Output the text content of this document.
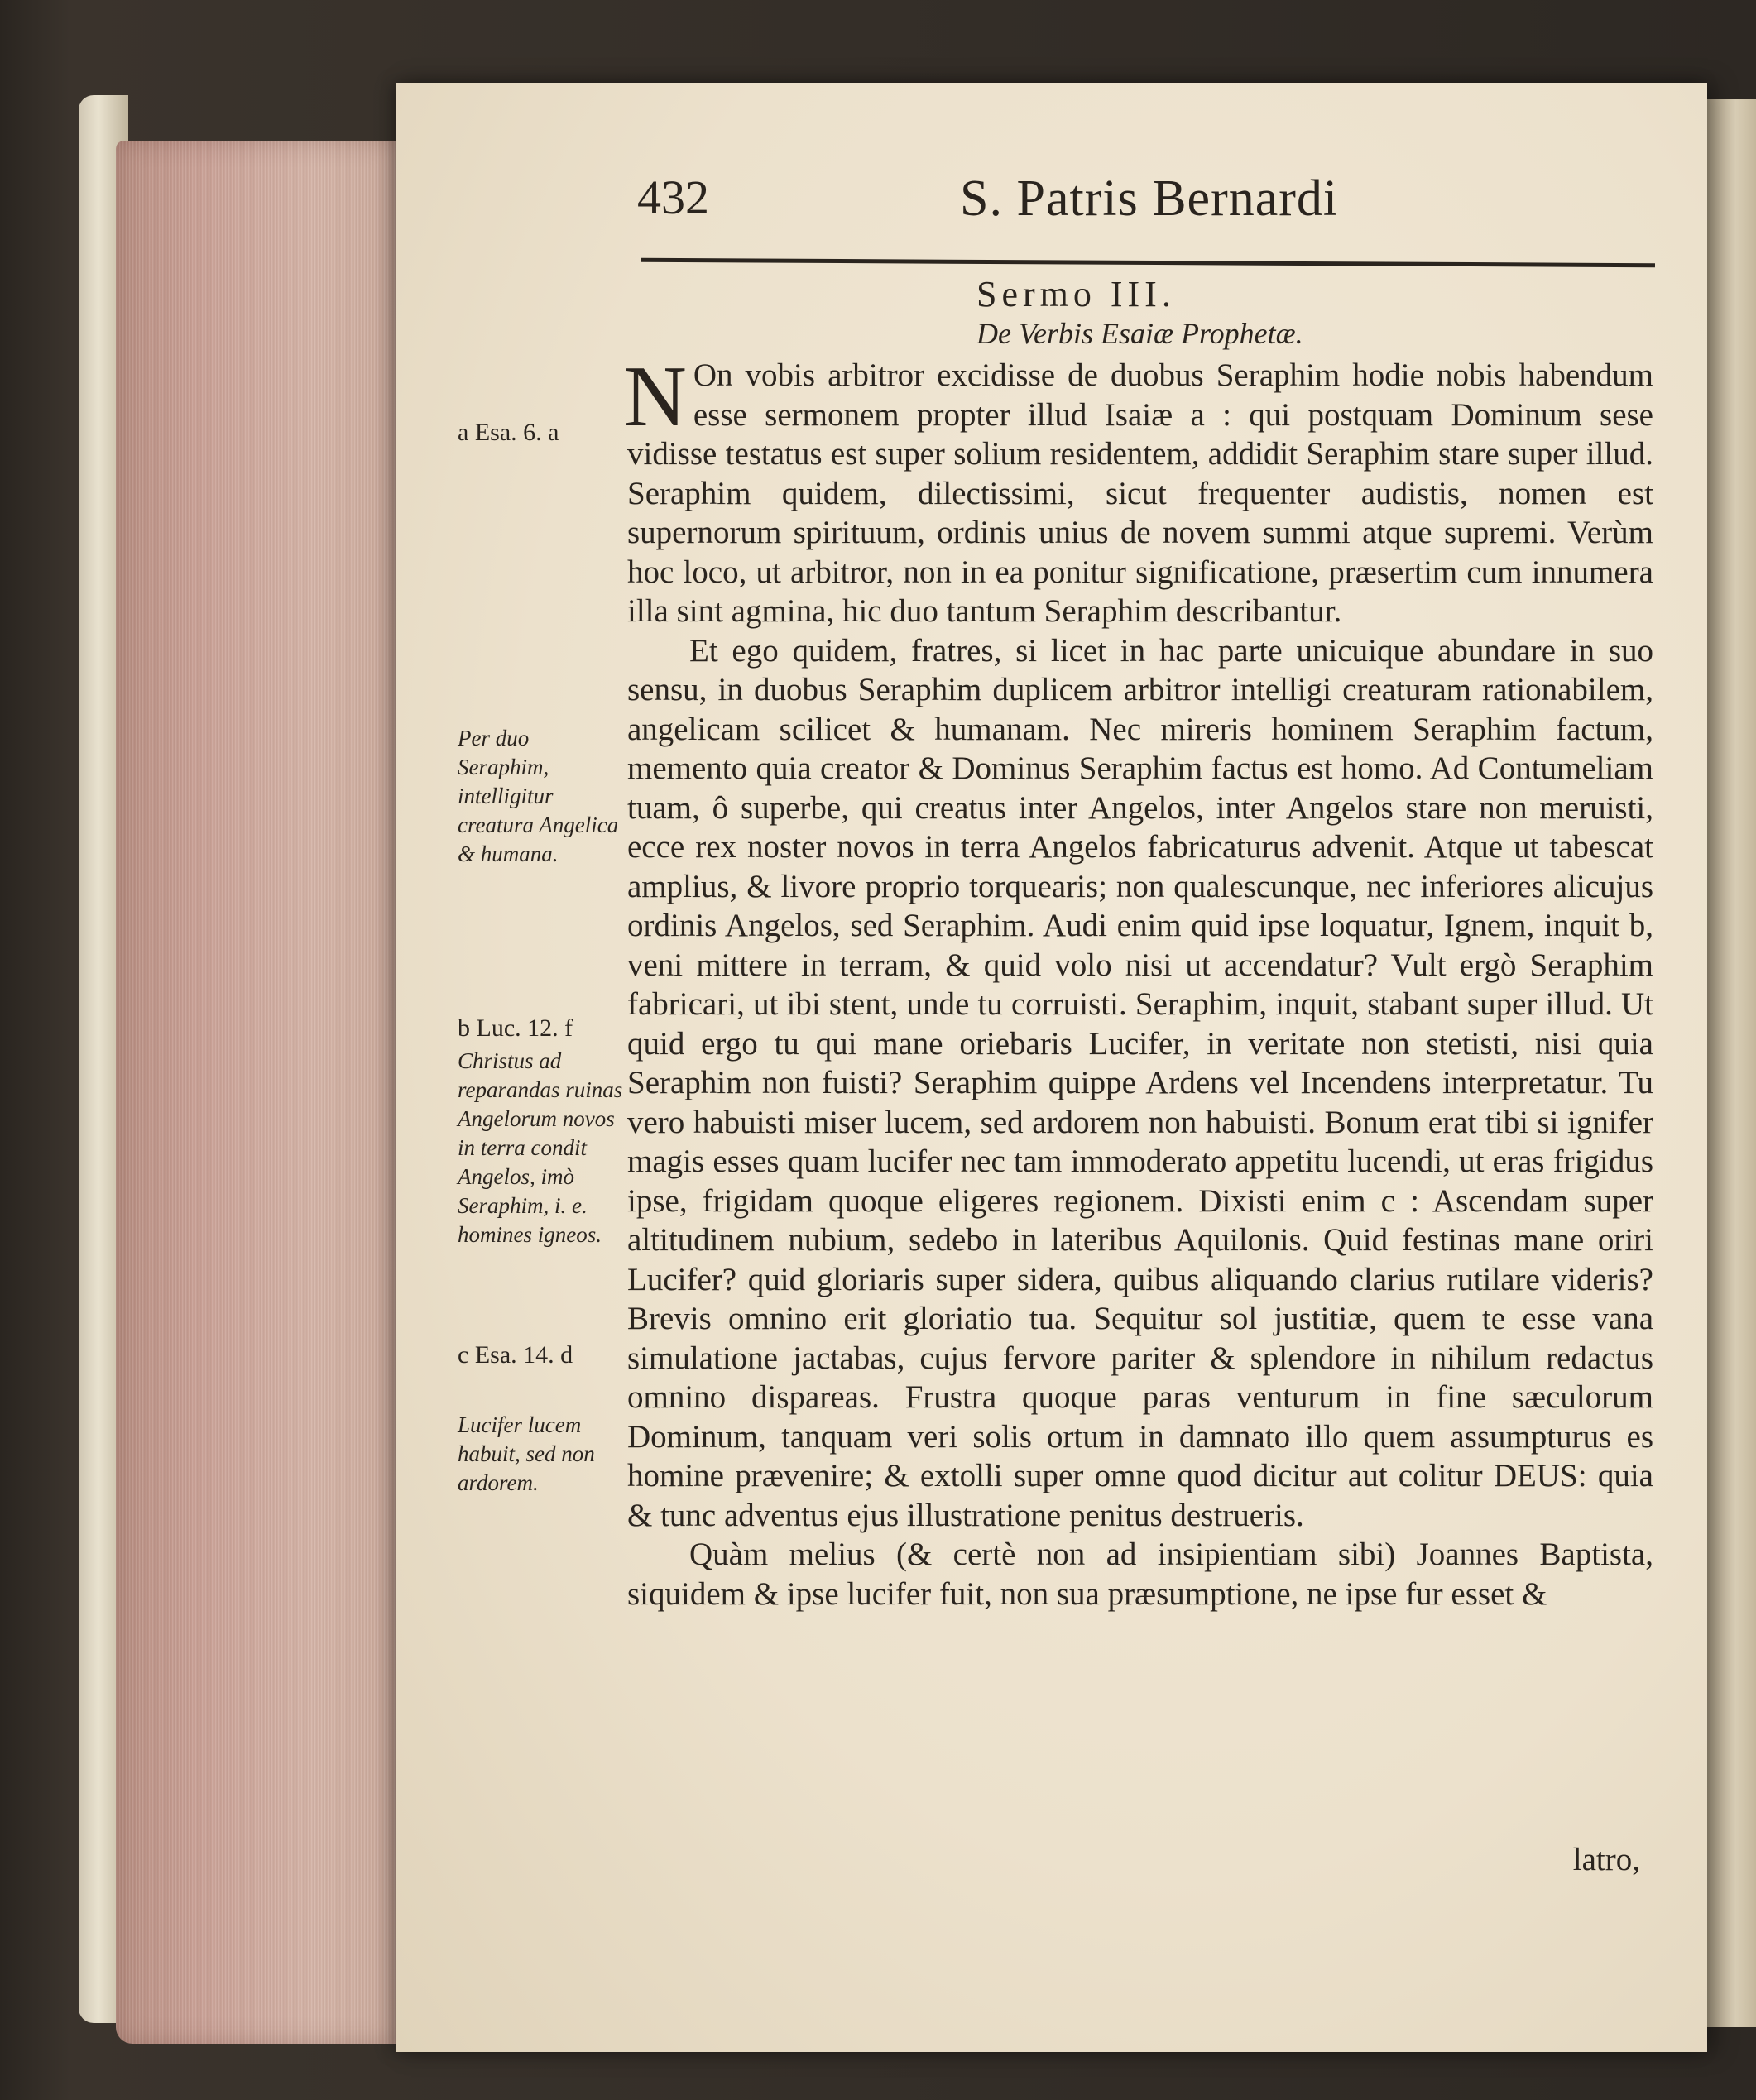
432	S. Patris Bernardi
Sermo III.
De Verbis Esaiæ Prophetæ.
a Esa. 6. a
Per duo Seraphim, intelligitur creatura Angelica & humana.
b Luc. 12. f
Christus ad reparandas ruinas Angelorum novos in terra condit Angelos, imò Seraphim, i. e. homines igneos.
c Esa. 14. d
Lucifer lucem habuit, sed non ardorem.

N On vobis arbitror excidisse de duobus Seraphim hodie nobis habendum esse sermonem propter illud Isaiæ a : qui postquam Dominum sese vidisse testatus est super solium residentem, addidit Seraphim stare super illud. Seraphim quidem, dilectissimi, sicut frequenter audistis, nomen est supernorum spirituum, ordinis unius de novem summi atque supremi. Verùm hoc loco, ut arbitror, non in ea ponitur significatione, præsertim cum innumera illa sint agmina, hic duo tantum Seraphim describantur.

Et ego quidem, fratres, si licet in hac parte unicuique abundare in suo sensu, in duobus Seraphim duplicem arbitror intelligi creaturam rationabilem, angelicam scilicet & humanam. Nec mireris hominem Seraphim factum, memento quia creator & Dominus Seraphim factus est homo. Ad Contumeliam tuam, ô superbe, qui creatus inter Angelos, inter Angelos stare non meruisti, ecce rex noster novos in terra Angelos fabricaturus advenit. Atque ut tabescat amplius, & livore proprio torquearis; non qualescunque, nec inferiores alicujus ordinis Angelos, sed Seraphim. Audi enim quid ipse loquatur, Ignem, inquit b, veni mittere in terram, & quid volo nisi ut accendatur? Vult ergò Seraphim fabricari, ut ibi stent, unde tu corruisti. Seraphim, inquit, stabant super illud. Ut quid ergo tu qui mane oriebaris Lucifer, in veritate non stetisti, nisi quia Seraphim non fuisti? Seraphim quippe Ardens vel Incendens interpretatur. Tu vero habuisti miser lucem, sed ardorem non habuisti. Bonum erat tibi si ignifer magis esses quam lucifer nec tam immoderato appetitu lucendi, ut eras frigidus ipse, frigidam quoque eligeres regionem. Dixisti enim c : Ascendam super altitudinem nubium, sedebo in lateribus Aquilonis. Quid festinas mane oriri Lucifer? quid gloriaris super sidera, quibus aliquando clarius rutilare videris? Brevis omnino erit gloriatio tua. Sequitur sol justitiæ, quem te esse vana simulatione jactabas, cujus fervore pariter & splendore in nihilum redactus omnino dispareas. Frustra quoque paras venturum in fine sæculorum Dominum, tanquam veri solis ortum in damnato illo quem assumpturus es homine prævenire; & extolli super omne quod dicitur aut colitur DEUS: quia & tunc adventus ejus illustratione penitus destrueris.

Quàm melius (& certè non ad insipientiam sibi) Joannes Baptista, siquidem & ipse lucifer fuit, non sua præsumptione, ne ipse fur esset &

latro,
